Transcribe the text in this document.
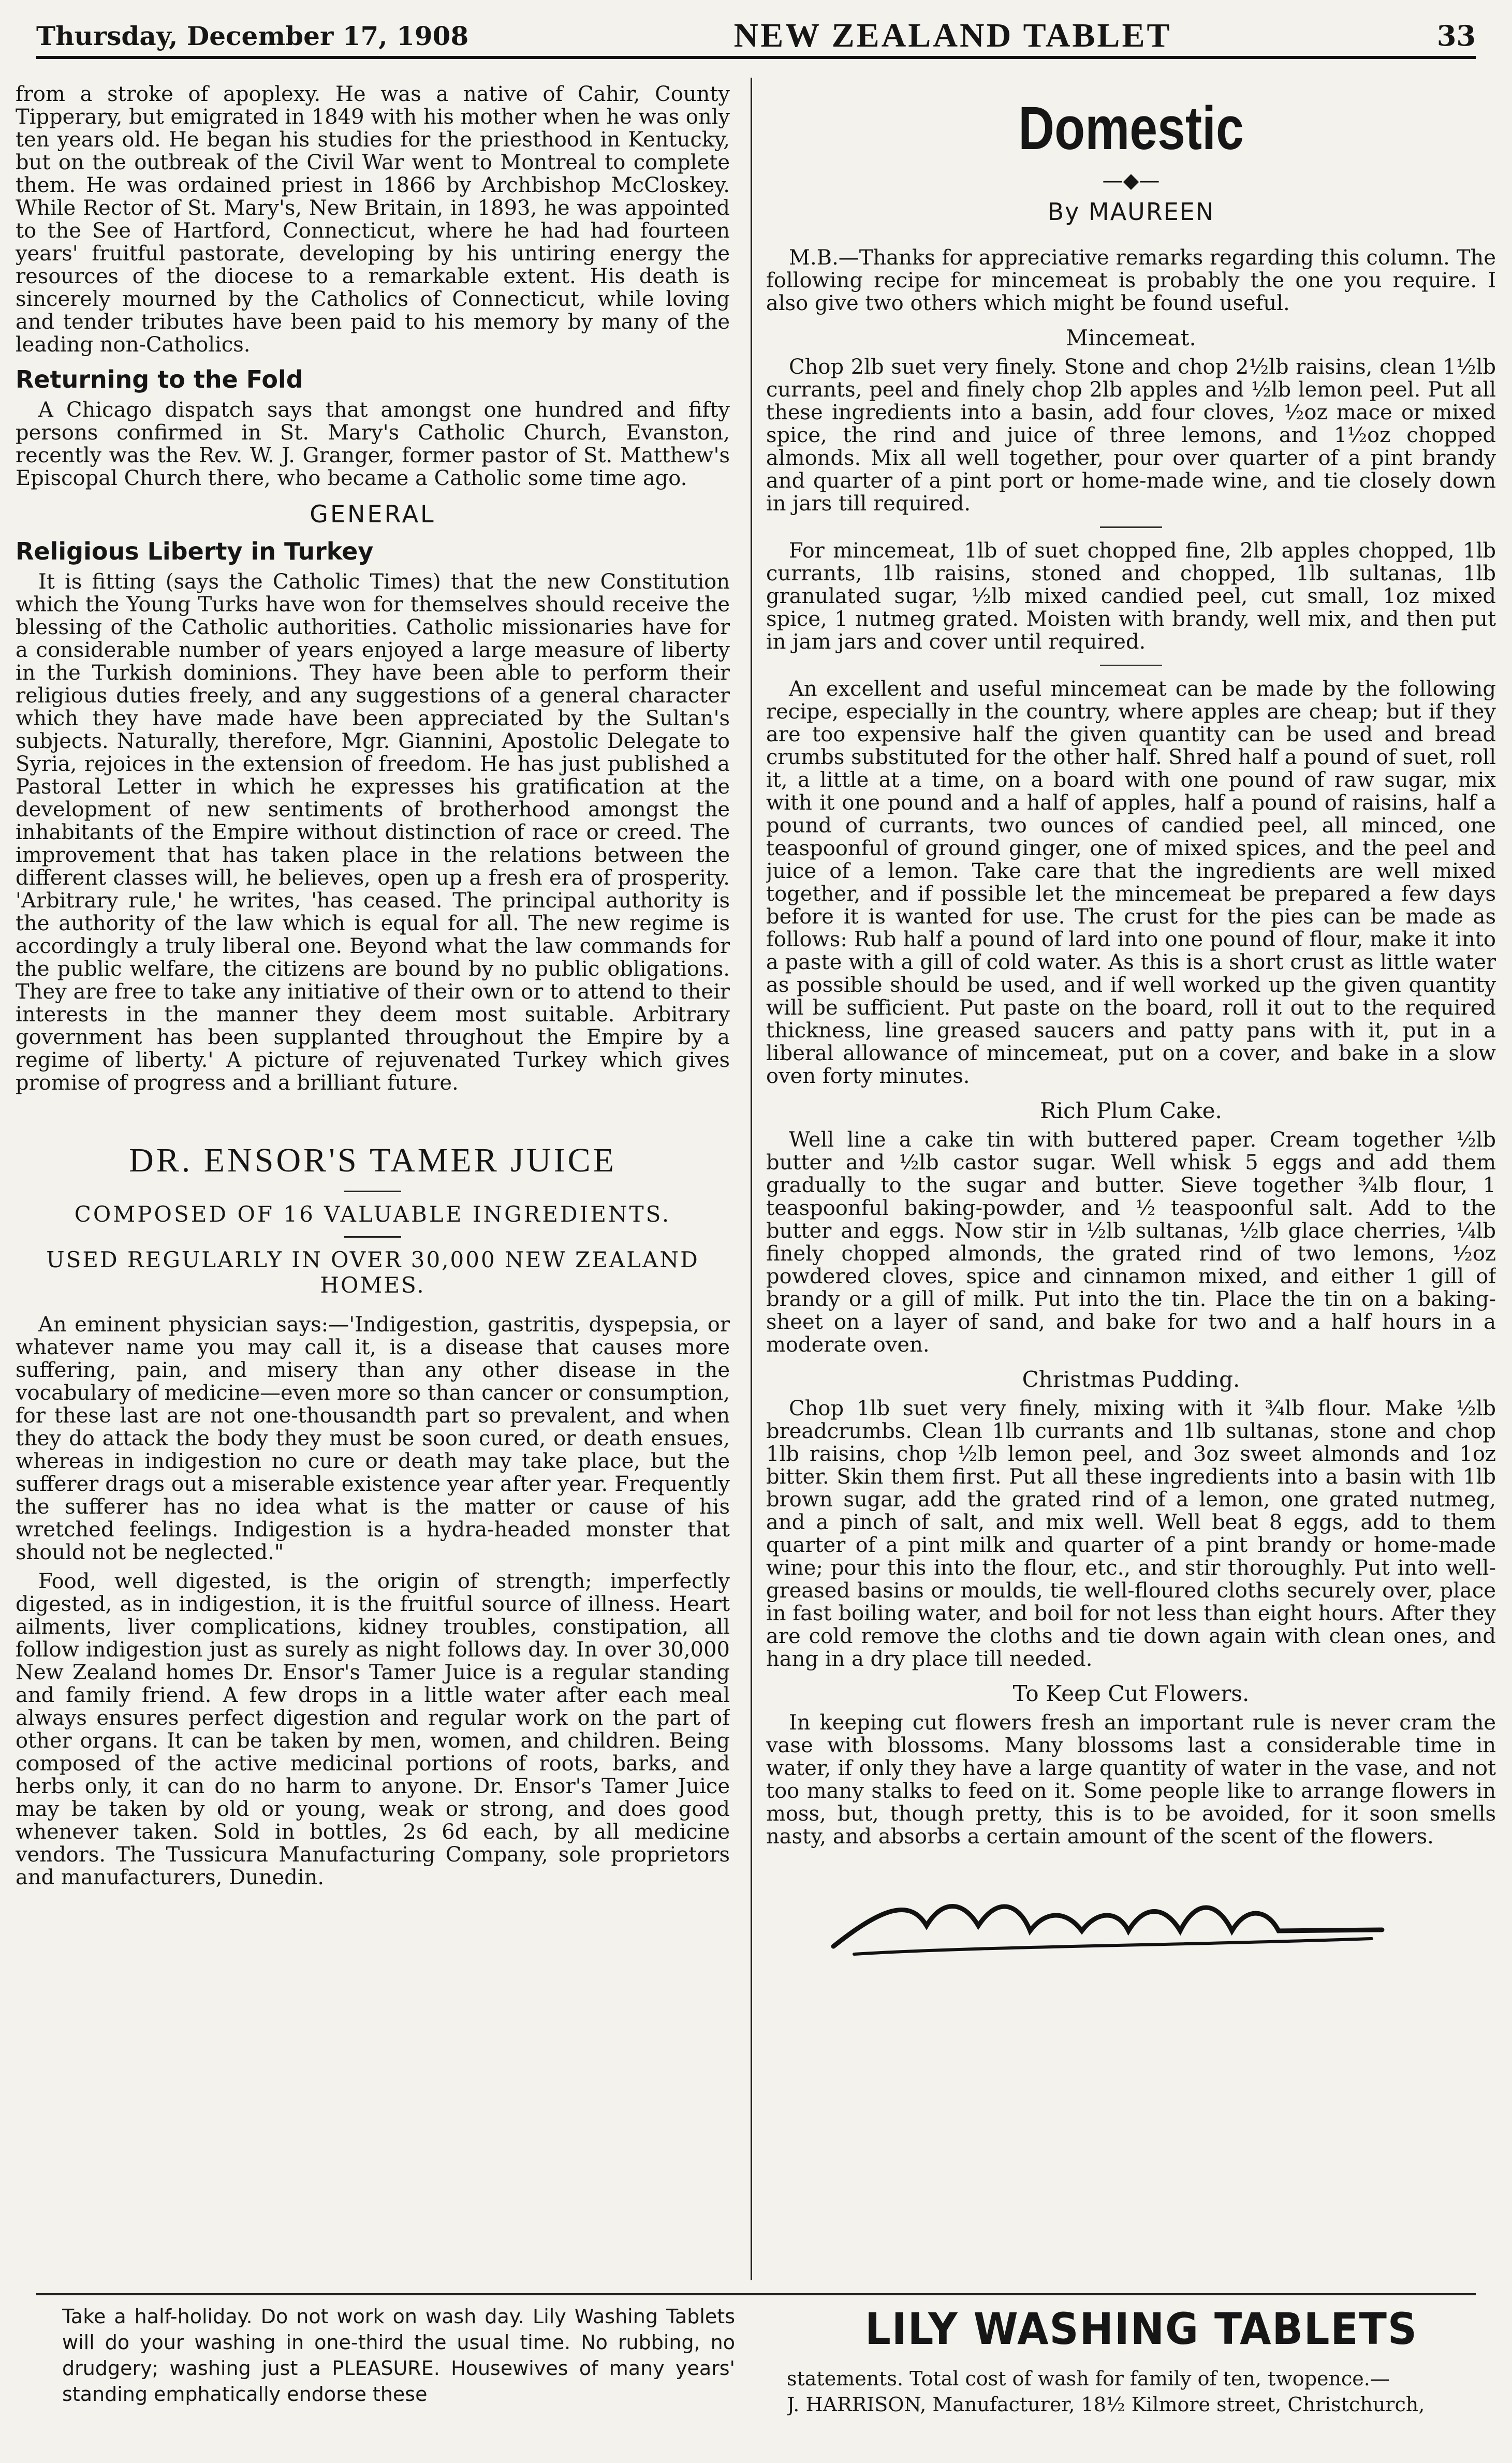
Thursday, December 17, 1908	NEW ZEALAND TABLET	33

from a stroke of apoplexy. He was a native of Cahir, County Tipperary, but emigrated in 1849 with his mother when he was only ten years old. He began his studies for the priesthood in Kentucky, but on the outbreak of the Civil War went to Montreal to complete them. He was ordained priest in 1866 by Archbishop McCloskey. While Rector of St. Mary's, New Britain, in 1893, he was appointed to the See of Hartford, Connecticut, where he had had fourteen years' fruitful pastorate, developing by his untiring energy the resources of the diocese to a remarkable extent. His death is sincerely mourned by the Catholics of Connecticut, while loving and tender tributes have been paid to his memory by many of the leading non-Catholics.

Returning to the Fold

A Chicago dispatch says that amongst one hundred and fifty persons confirmed in St. Mary's Catholic Church, Evanston, recently was the Rev. W. J. Granger, former pastor of St. Matthew's Episcopal Church there, who became a Catholic some time ago.

GENERAL
Religious Liberty in Turkey

It is fitting (says the Catholic Times) that the new Constitution which the Young Turks have won for themselves should receive the blessing of the Catholic authorities. Catholic missionaries have for a considerable number of years enjoyed a large measure of liberty in the Turkish dominions. They have been able to perform their religious duties freely, and any suggestions of a general character which they have made have been appreciated by the Sultan's subjects. Naturally, therefore, Mgr. Giannini, Apostolic Delegate to Syria, rejoices in the extension of freedom. He has just published a Pastoral Letter in which he expresses his gratification at the development of new sentiments of brotherhood amongst the inhabitants of the Empire without distinction of race or creed. The improvement that has taken place in the relations between the different classes will, he believes, open up a fresh era of prosperity. 'Arbitrary rule,' he writes, 'has ceased. The principal authority is the authority of the law which is equal for all. The new regime is accordingly a truly liberal one. Beyond what the law commands for the public welfare, the citizens are bound by no public obligations. They are free to take any initiative of their own or to attend to their interests in the manner they deem most suitable. Arbitrary government has been supplanted throughout the Empire by a regime of liberty.' A picture of rejuvenated Turkey which gives promise of progress and a brilliant future.

DR. ENSOR'S TAMER JUICE
COMPOSED OF 16 VALUABLE INGREDIENTS.
USED REGULARLY IN OVER 30,000 NEW ZEALAND HOMES.

An eminent physician says:—'Indigestion, gastritis, dyspepsia, or whatever name you may call it, is a disease that causes more suffering, pain, and misery than any other disease in the vocabulary of medicine—even more so than cancer or consumption, for these last are not one-thousandth part so prevalent, and when they do attack the body they must be soon cured, or death ensues, whereas in indigestion no cure or death may take place, but the sufferer drags out a miserable existence year after year. Frequently the sufferer has no idea what is the matter or cause of his wretched feelings. Indigestion is a hydra-headed monster that should not be neglected."

Food, well digested, is the origin of strength; imperfectly digested, as in indigestion, it is the fruitful source of illness. Heart ailments, liver complications, kidney troubles, constipation, all follow indigestion just as surely as night follows day. In over 30,000 New Zealand homes Dr. Ensor's Tamer Juice is a regular standing and family friend. A few drops in a little water after each meal always ensures perfect digestion and regular work on the part of other organs. It can be taken by men, women, and children. Being composed of the active medicinal portions of roots, barks, and herbs only, it can do no harm to anyone. Dr. Ensor's Tamer Juice may be taken by old or young, weak or strong, and does good whenever taken. Sold in bottles, 2s 6d each, by all medicine vendors. The Tussicura Manufacturing Company, sole proprietors and manufacturers, Dunedin.

Domestic
—◆—
By MAUREEN

M.B.—Thanks for appreciative remarks regarding this column. The following recipe for mincemeat is probably the one you require. I also give two others which might be found useful.

Mincemeat.

Chop 2lb suet very finely. Stone and chop 2½lb raisins, clean 1½lb currants, peel and finely chop 2lb apples and ½lb lemon peel. Put all these ingredients into a basin, add four cloves, ½oz mace or mixed spice, the rind and juice of three lemons, and 1½oz chopped almonds. Mix all well together, pour over quarter of a pint brandy and quarter of a pint port or home-made wine, and tie closely down in jars till required.

For mincemeat, 1lb of suet chopped fine, 2lb apples chopped, 1lb currants, 1lb raisins, stoned and chopped, 1lb sultanas, 1lb granulated sugar, ½lb mixed candied peel, cut small, 1oz mixed spice, 1 nutmeg grated. Moisten with brandy, well mix, and then put in jam jars and cover until required.

An excellent and useful mincemeat can be made by the following recipe, especially in the country, where apples are cheap; but if they are too expensive half the given quantity can be used and bread crumbs substituted for the other half. Shred half a pound of suet, roll it, a little at a time, on a board with one pound of raw sugar, mix with it one pound and a half of apples, half a pound of raisins, half a pound of currants, two ounces of candied peel, all minced, one teaspoonful of ground ginger, one of mixed spices, and the peel and juice of a lemon. Take care that the ingredients are well mixed together, and if possible let the mincemeat be prepared a few days before it is wanted for use. The crust for the pies can be made as follows: Rub half a pound of lard into one pound of flour, make it into a paste with a gill of cold water. As this is a short crust as little water as possible should be used, and if well worked up the given quantity will be sufficient. Put paste on the board, roll it out to the required thickness, line greased saucers and patty pans with it, put in a liberal allowance of mincemeat, put on a cover, and bake in a slow oven forty minutes.

Rich Plum Cake.

Well line a cake tin with buttered paper. Cream together ½lb butter and ½lb castor sugar. Well whisk 5 eggs and add them gradually to the sugar and butter. Sieve together ¾lb flour, 1 teaspoonful baking-powder, and ½ teaspoonful salt. Add to the butter and eggs. Now stir in ½lb sultanas, ½lb glace cherries, ¼lb finely chopped almonds, the grated rind of two lemons, ½oz powdered cloves, spice and cinnamon mixed, and either 1 gill of brandy or a gill of milk. Put into the tin. Place the tin on a baking-sheet on a layer of sand, and bake for two and a half hours in a moderate oven.

Christmas Pudding.

Chop 1lb suet very finely, mixing with it ¾lb flour. Make ½lb breadcrumbs. Clean 1lb currants and 1lb sultanas, stone and chop 1lb raisins, chop ½lb lemon peel, and 3oz sweet almonds and 1oz bitter. Skin them first. Put all these ingredients into a basin with 1lb brown sugar, add the grated rind of a lemon, one grated nutmeg, and a pinch of salt, and mix well. Well beat 8 eggs, add to them quarter of a pint milk and quarter of a pint brandy or home-made wine; pour this into the flour, etc., and stir thoroughly. Put into well-greased basins or moulds, tie well-floured cloths securely over, place in fast boiling water, and boil for not less than eight hours. After they are cold remove the cloths and tie down again with clean ones, and hang in a dry place till needed.

To Keep Cut Flowers.

In keeping cut flowers fresh an important rule is never cram the vase with blossoms. Many blossoms last a considerable time in water, if only they have a large quantity of water in the vase, and not too many stalks to feed on it. Some people like to arrange flowers in moss, but, though pretty, this is to be avoided, for it soon smells nasty, and absorbs a certain amount of the scent of the flowers.

Take a half-holiday. Do not work on wash day. Lily Washing Tablets will do your washing in one-third the usual time. No rubbing, no drudgery; washing just a PLEASURE. Housewives of many years' standing emphatically endorse these

LILY WASHING TABLETS

statements. Total cost of wash for family of ten, twopence.—

J. HARRISON, Manufacturer, 18½ Kilmore street, Christchurch,
